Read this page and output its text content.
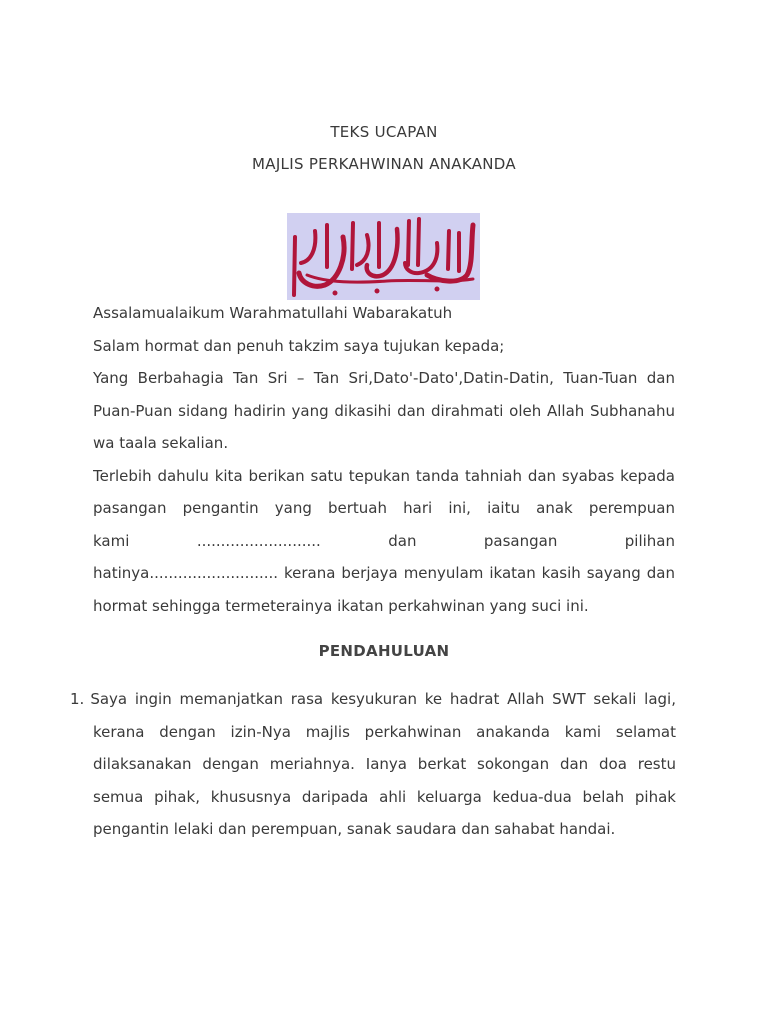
TEKS UCAPAN
MAJLIS PERKAHWINAN ANAKANDA
Assalamualaikum Warahmatullahi Wabarakatuh
Salam hormat dan penuh takzim saya tujukan kepada;
Yang Berbahagia Tan Sri – Tan Sri,Dato'-Dato',Datin-Datin, Tuan-Tuan dan
Puan-Puan sidang hadirin yang dikasihi dan dirahmati oleh Allah Subhanahu
wa taala sekalian.
Terlebih dahulu kita berikan satu tepukan tanda tahniah dan syabas kepada
pasangan pengantin yang bertuah hari ini, iaitu anak perempuan
kami .......................... dan pasangan pilihan
hatinya........................... kerana berjaya menyulam ikatan kasih sayang dan
hormat sehingga termeterainya ikatan perkahwinan yang suci ini.
PENDAHULUAN
1. Saya ingin memanjatkan rasa kesyukuran ke hadrat Allah SWT sekali lagi,
kerana dengan izin-Nya majlis perkahwinan anakanda kami selamat
dilaksanakan dengan meriahnya. Ianya berkat sokongan dan doa restu
semua pihak, khususnya daripada ahli keluarga kedua-dua belah pihak
pengantin lelaki dan perempuan, sanak saudara dan sahabat handai.
